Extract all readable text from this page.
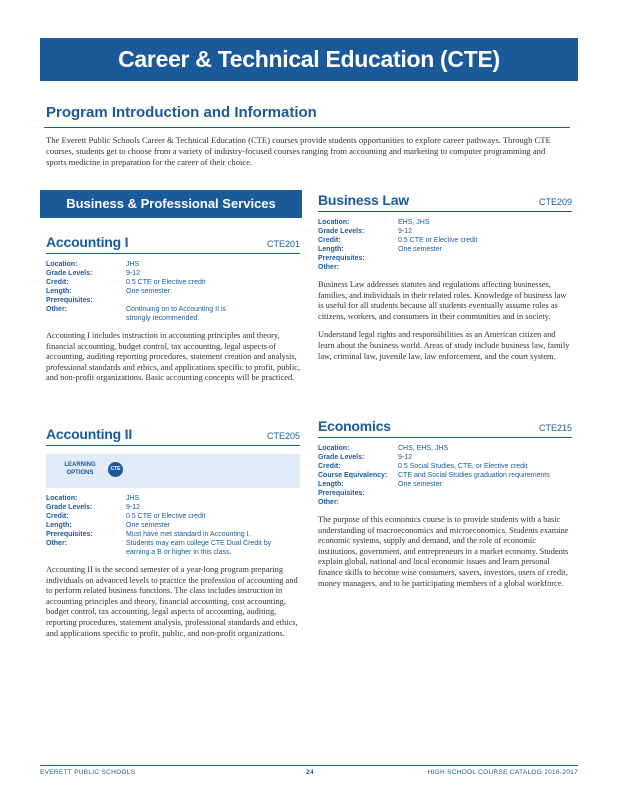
Career & Technical Education (CTE)
Program Introduction and Information
The Everett Public Schools Career & Technical Education (CTE) courses provide students opportunities to explore career pathways. Through CTE courses, students get to choose from a variety of industry-focused courses ranging from accounting and marketing to computer programming and sports medicine in preparation for the career of their choice.
Business & Professional Services
Accounting I	CTE201
Location:	JHS
Grade Levels:	9-12
Credit:	0.5 CTE or Elective credit
Length:	One semester
Prerequisites:
Other:	Continuing on to Accounting II is strongly recommended.
Accounting I includes instruction in accounting principles and theory, financial accounting, budget control, tax accounting, legal aspects of accounting, auditing reporting procedures, statement creation and analysis, professional standards and ethics, and applications specific to profit, public, and non-profit organizations. Basic accounting concepts will be practiced.
Accounting II	CTE205
LEARNING OPTIONS
CTE
Location:	JHS
Grade Levels:	9-12
Credit:	0.5 CTE or Elective credit
Length:	One semester
Prerequisites:	Must have met standard in Accounting I.
Other:	Students may earn college CTE Dual Credit by earning a B or higher in this class.
Accounting II is the second semester of a year-long program preparing individuals on advanced levels to practice the profession of accounting and to perform related business functions. The class includes instruction in accounting principles and theory, financial accounting, cost accounting, budget control, tax accounting, legal aspects of accounting, auditing, reporting procedures, statement analysis, professional standards and ethics, and applications specific to profit, public, and non-profit organizations.
Business Law	CTE209
Location:	EHS, JHS
Grade Levels:	9-12
Credit:	0.5 CTE or Elective credit
Length:	One semester
Prerequisites:
Other:
Business Law addresses statutes and regulations affecting businesses, families, and individuals in their related roles. Knowledge of business law is useful for all students because all students eventually assume roles as citizens, workers, and consumers in their communities and in society.
Understand legal rights and responsibilities as an American citizen and learn about the business world. Areas of study include business law, family law, criminal law, juvenile law, law enforcement, and the court system.
Economics	CTE215
Location:	CHS, EHS, JHS
Grade Levels:	9-12
Credit:	0.5 Social Studies, CTE, or Elective credit
Course Equivalency:	CTE and Social Studies graduation requirements
Length:	One semester
Prerequisites:
Other:
The purpose of this economics course is to provide students with a basic understanding of macroeconomics and microeconomics. Students examine economic systems, supply and demand, and the role of economic institutions, government, and entrepreneurs in a market economy. Students explain global, national and local economic issues and learn personal finance skills to become wise consumers, savers, investors, users of credit, money managers, and to be participating members of a global workforce.
EVERETT PUBLIC SCHOOLS	24	HIGH SCHOOL COURSE CATALOG 2016-2017
